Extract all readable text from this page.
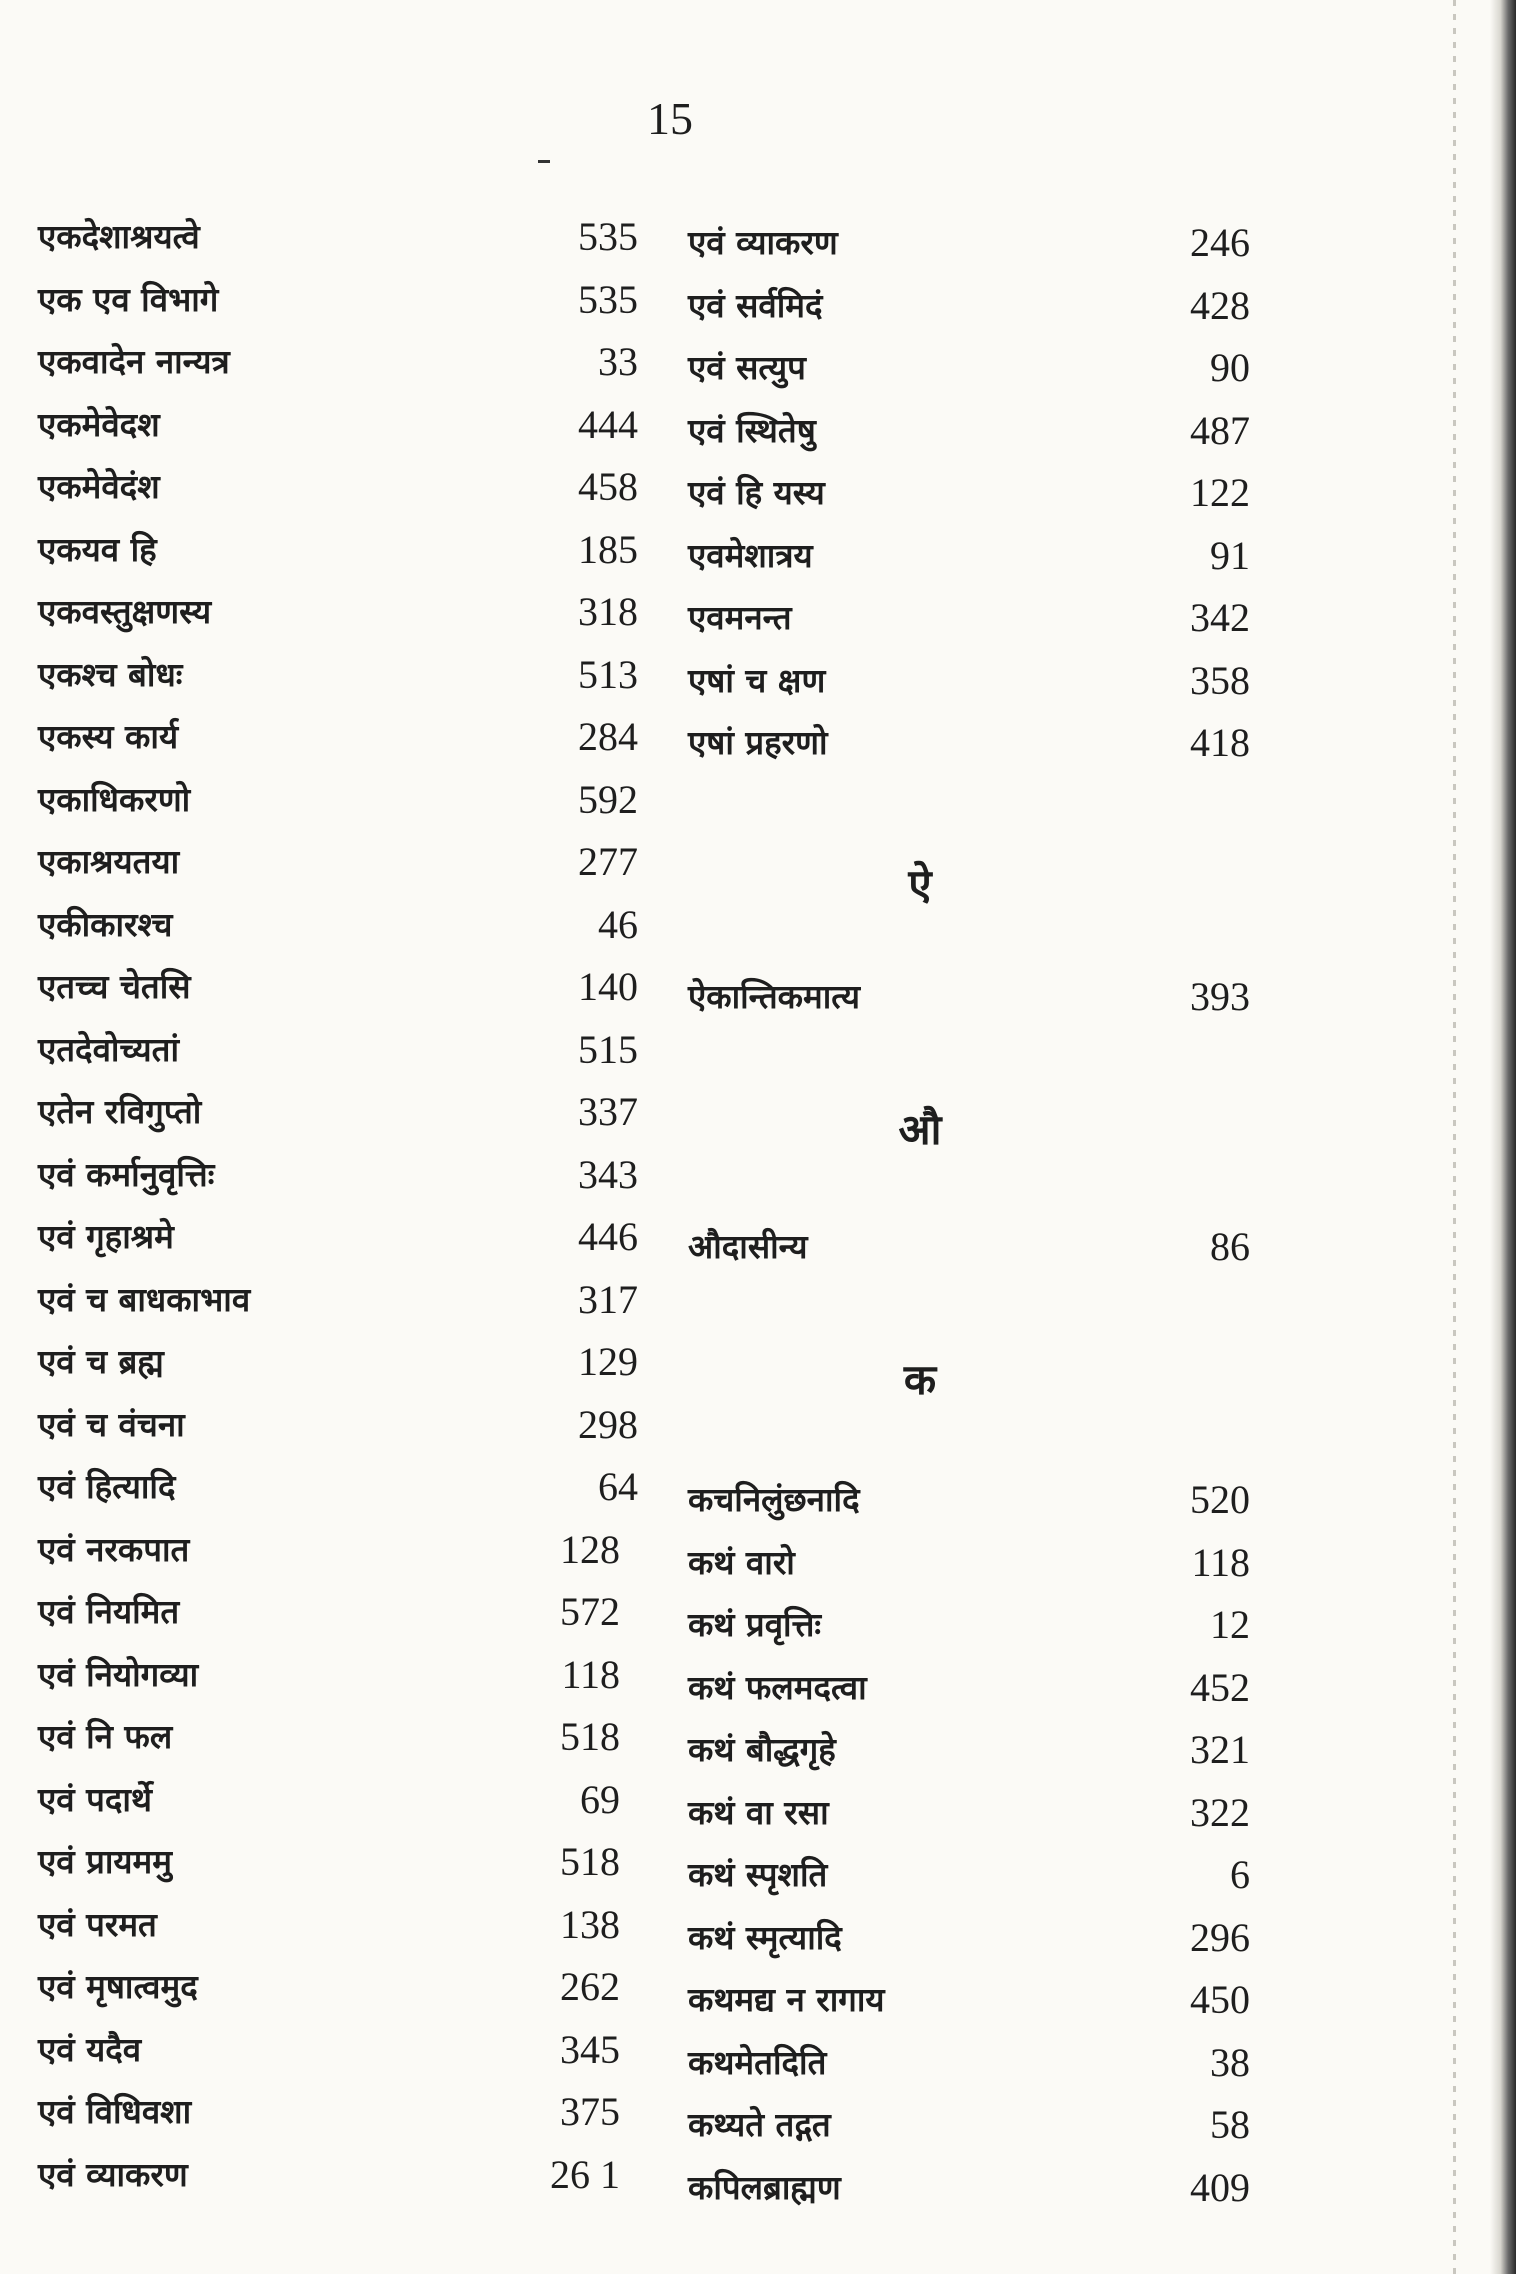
15
एकदेशाश्रयत्वे	535
एक एव विभागे	535
एकवादेन नान्यत्र	33
एकमेवेदश	444
एकमेवेदंश	458
एकयव हि	185
एकवस्तुक्षणस्य	318
एकश्च बोधः	513
एकस्य कार्य	284
एकाधिकरणो	592
एकाश्रयतया	277
एकीकारश्च	46
एतच्च चेतसि	140
एतदेवोच्यतां	515
एतेन रविगुप्तो	337
एवं कर्मानुवृत्तिः	343
एवं गृहाश्रमे	446
एवं च बाधकाभाव	317
एवं च ब्रह्म	129
एवं च वंचना	298
एवं हित्यादि	64
एवं नरकपात	128
एवं नियमित	572
एवं नियोगव्या	118
एवं नि फल	518
एवं पदार्थे	69
एवं प्रायममु	518
एवं परमत	138
एवं मृषात्वमुद	262
एवं यदैव	345
एवं विधिवशा	375
एवं व्याकरण	26 1
एवं व्याकरण	246
एवं सर्वमिदं	428
एवं सत्युप	90
एवं स्थितेषु	487
एवं हि यस्य	122
एवमेशात्रय	91
एवमनन्त	342
एषां च क्षण	358
एषां प्रहरणो	418
ऐ
ऐकान्तिकमात्य	393
औ
औदासीन्य	86
क
कचनिलुंछनादि	520
कथं वारो	118
कथं प्रवृत्तिः	12
कथं फलमदत्वा	452
कथं बौद्धगृहे	321
कथं वा रसा	322
कथं स्पृशति	6
कथं स्मृत्यादि	296
कथमद्य न रागाय	450
कथमेतदिति	38
कथ्यते तद्गत	58
कपिलब्राह्मण	409
